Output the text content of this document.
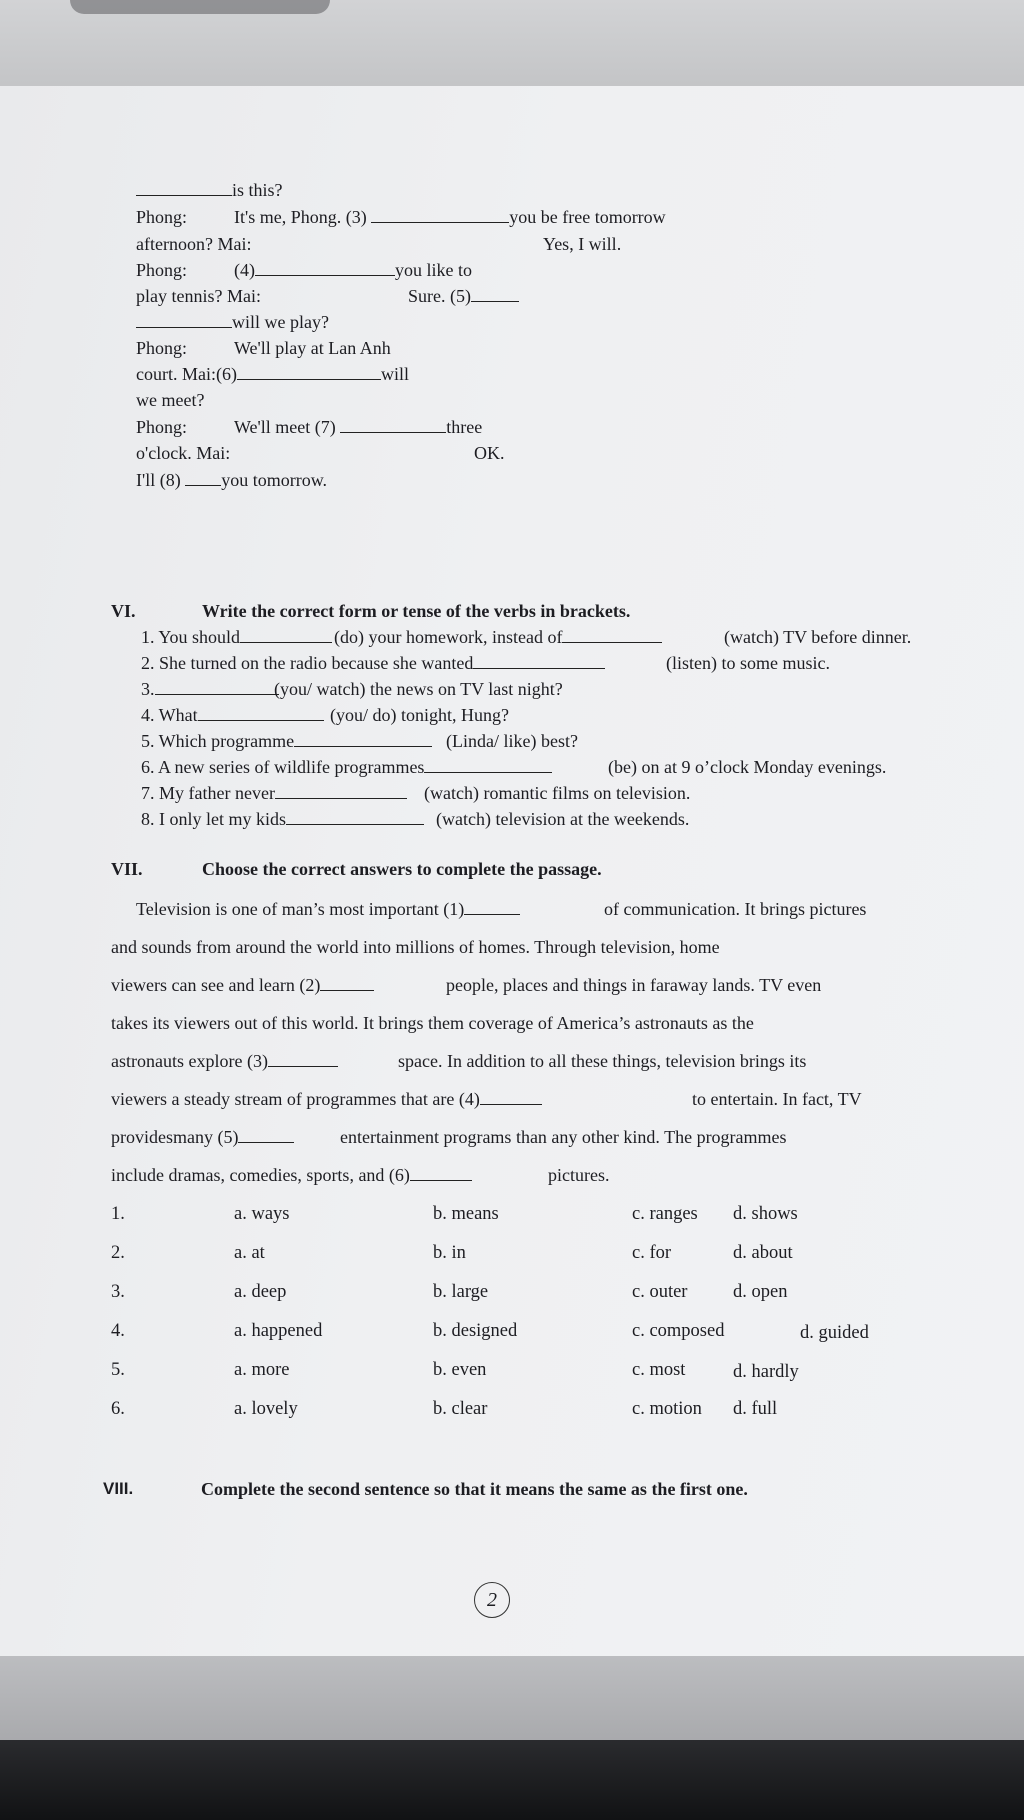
is this?
Phong:	It's me, Phong. (3)	you be free tomorrow
afternoon? Mai:	Yes, I will.
Phong:	(4)	you like to
play tennis? Mai:	Sure. (5)
will we play?
Phong:	We'll play at Lan Anh
court. Mai:(6)	will
we meet?
Phong:	We'll meet (7)	three
o'clock. Mai:	OK.
I'll (8) you tomorrow.
VI.	Write the correct form or tense of the verbs in brackets.
1. You should	(do) your homework, instead of	(watch) TV before dinner.
2. She turned on the radio because she wanted	(listen) to some music.
3.	(you/ watch) the news on TV last night?
4. What	(you/ do) tonight, Hung?
5. Which programme	(Linda/ like) best?
6. A new series of wildlife programmes	(be) on at 9 o’clock Monday evenings.
7. My father never	(watch) romantic films on television.
8. I only let my kids	(watch) television at the weekends.
VII.	Choose the correct answers to complete the passage.
Television is one of man’s most important (1)	of communication. It brings pictures
and sounds from around the world into millions of homes. Through television, home
viewers can see and learn (2)	people, places and things in faraway lands. TV even
takes its viewers out of this world. It brings them coverage of America’s astronauts as the
astronauts explore (3)	space. In addition to all these things, television brings its
viewers a steady stream of programmes that are (4)	to entertain. In fact, TV
providesmany (5)	entertainment programs than any other kind. The programmes
include dramas, comedies, sports, and (6)	pictures.
1.	a. ways	b. means	c. ranges d. shows
2.	a. at	b. in	c. for	d. about
3.	a. deep	b. large	c. outer d. open
4.	a. happened	b. designed	c. composed	d. guided
5.	a. more	b. even	c. most	d. hardly
6.	a. lovely	b. clear	c. motion d. full
VIII.	Complete the second sentence so that it means the same as the first one.
2
